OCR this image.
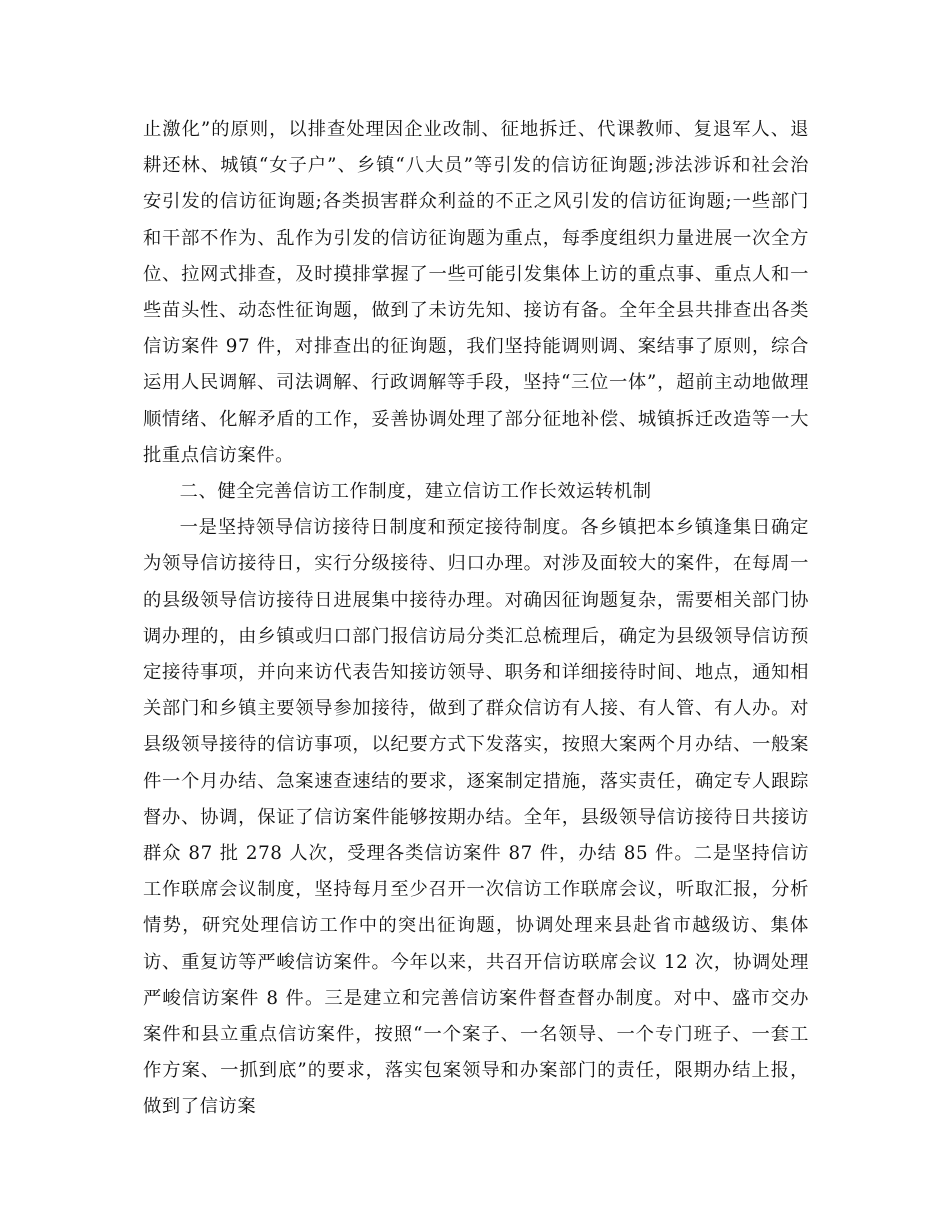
止激化”的原则，以排查处理因企业改制、征地拆迁、代课教师、复退军人、退耕还林、城镇“女子户”、乡镇“八大员”等引发的信访征询题;涉法涉诉和社会治安引发的信访征询题;各类损害群众利益的不正之风引发的信访征询题;一些部门和干部不作为、乱作为引发的信访征询题为重点，每季度组织力量进展一次全方位、拉网式排查，及时摸排掌握了一些可能引发集体上访的重点事、重点人和一些苗头性、动态性征询题，做到了未访先知、接访有备。全年全县共排查出各类信访案件 97 件，对排查出的征询题，我们坚持能调则调、案结事了原则，综合运用人民调解、司法调解、行政调解等手段，坚持“三位一体”，超前主动地做理顺情绪、化解矛盾的工作，妥善协调处理了部分征地补偿、城镇拆迁改造等一大批重点信访案件。

二、健全完善信访工作制度，建立信访工作长效运转机制

一是坚持领导信访接待日制度和预定接待制度。各乡镇把本乡镇逢集日确定为领导信访接待日，实行分级接待、归口办理。对涉及面较大的案件，在每周一的县级领导信访接待日进展集中接待办理。对确因征询题复杂，需要相关部门协调办理的，由乡镇或归口部门报信访局分类汇总梳理后，确定为县级领导信访预定接待事项，并向来访代表告知接访领导、职务和详细接待时间、地点，通知相关部门和乡镇主要领导参加接待，做到了群众信访有人接、有人管、有人办。对县级领导接待的信访事项，以纪要方式下发落实，按照大案两个月办结、一般案件一个月办结、急案速查速结的要求，逐案制定措施，落实责任，确定专人跟踪督办、协调，保证了信访案件能够按期办结。全年，县级领导信访接待日共接访群众 87 批 278 人次，受理各类信访案件 87 件，办结 85 件。二是坚持信访工作联席会议制度，坚持每月至少召开一次信访工作联席会议，听取汇报，分析情势，研究处理信访工作中的突出征询题，协调处理来县赴省市越级访、集体访、重复访等严峻信访案件。今年以来，共召开信访联席会议 12 次，协调处理严峻信访案件 8 件。三是建立和完善信访案件督查督办制度。对中、盛市交办案件和县立重点信访案件，按照“一个案子、一名领导、一个专门班子、一套工作方案、一抓到底”的要求，落实包案领导和办案部门的责任，限期办结上报，做到了信访案
